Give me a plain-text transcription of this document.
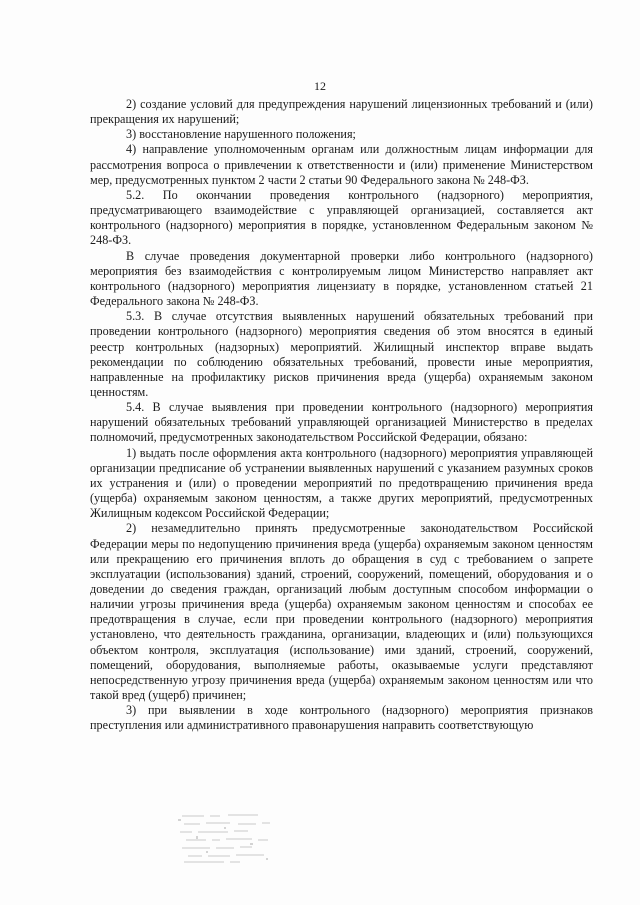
12

2) создание условий для предупреждения нарушений лицензионных требований и (или) прекращения их нарушений;

3) восстановление нарушенного положения;

4) направление уполномоченным органам или должностным лицам информации для рассмотрения вопроса о привлечении к ответственности и (или) применение Министерством мер, предусмотренных пунктом 2 части 2 статьи 90 Федерального закона № 248-ФЗ.

5.2. По окончании проведения контрольного (надзорного) мероприятия, предусматривающего взаимодействие с управляющей организацией, составляется акт контрольного (надзорного) мероприятия в порядке, установленном Федеральным законом № 248-ФЗ.

В случае проведения документарной проверки либо контрольного (надзорного) мероприятия без взаимодействия с контролируемым лицом Министерство направляет акт контрольного (надзорного) мероприятия лицензиату в порядке, установленном статьей 21 Федерального закона № 248-ФЗ.

5.3. В случае отсутствия выявленных нарушений обязательных требований при проведении контрольного (надзорного) мероприятия сведения об этом вносятся в единый реестр контрольных (надзорных) мероприятий. Жилищный инспектор вправе выдать рекомендации по соблюдению обязательных требований, провести иные мероприятия, направленные на профилактику рисков причинения вреда (ущерба) охраняемым законом ценностям.

5.4. В случае выявления при проведении контрольного (надзорного) мероприятия нарушений обязательных требований управляющей организацией Министерство в пределах полномочий, предусмотренных законодательством Российской Федерации, обязано:

1) выдать после оформления акта контрольного (надзорного) мероприятия управляющей организации предписание об устранении выявленных нарушений с указанием разумных сроков их устранения и (или) о проведении мероприятий по предотвращению причинения вреда (ущерба) охраняемым законом ценностям, а также других мероприятий, предусмотренных Жилищным кодексом Российской Федерации;

2) незамедлительно принять предусмотренные законодательством Российской Федерации меры по недопущению причинения вреда (ущерба) охраняемым законом ценностям или прекращению его причинения вплоть до обращения в суд с требованием о запрете эксплуатации (использования) зданий, строений, сооружений, помещений, оборудования и о доведении до сведения граждан, организаций любым доступным способом информации о наличии угрозы причинения вреда (ущерба) охраняемым законом ценностям и способах ее предотвращения в случае, если при проведении контрольного (надзорного) мероприятия установлено, что деятельность гражданина, организации, владеющих и (или) пользующихся объектом контроля, эксплуатация (использование) ими зданий, строений, сооружений, помещений, оборудования, выполняемые работы, оказываемые услуги представляют непосредственную угрозу причинения вреда (ущерба) охраняемым законом ценностям или что такой вред (ущерб) причинен;

3) при выявлении в ходе контрольного (надзорного) мероприятия признаков преступления или административного правонарушения направить соответствующую
